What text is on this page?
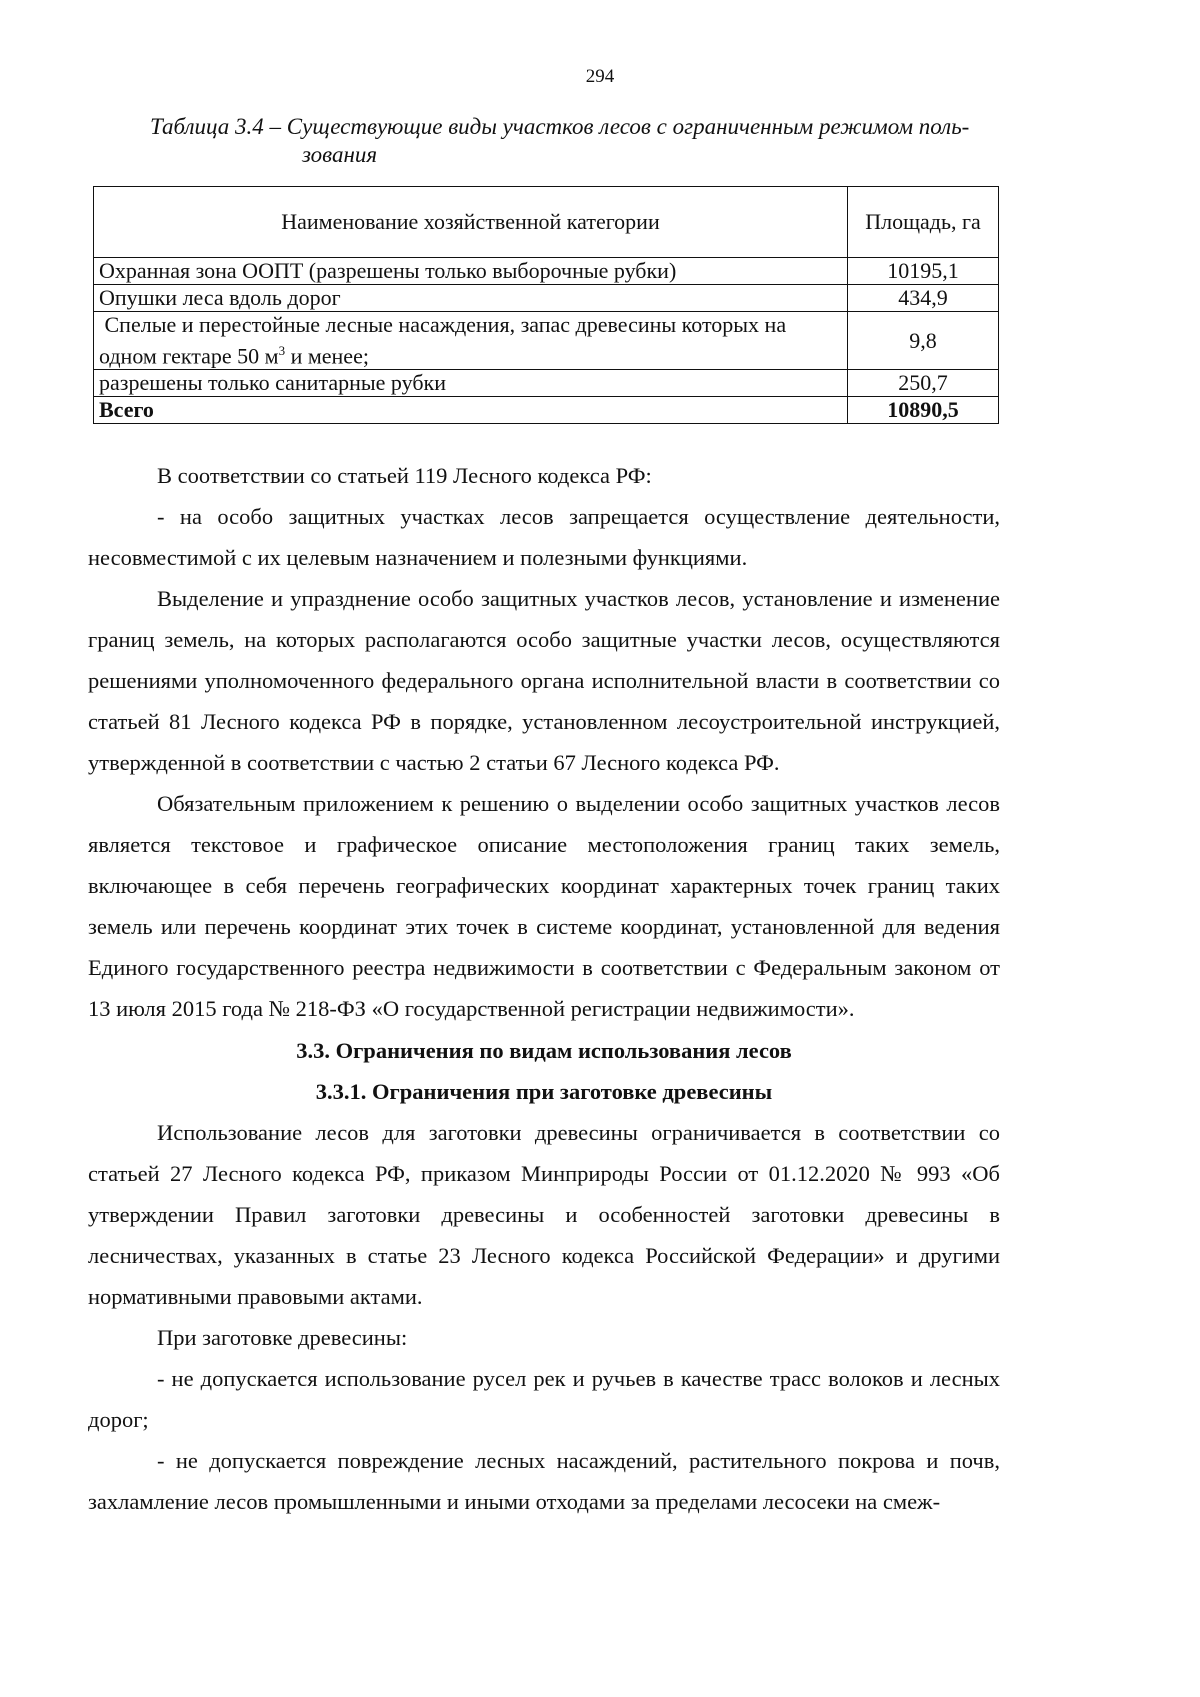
294
Таблица 3.4 – Существующие виды участков лесов с ограниченным режимом поль-
зования
Наименование хозяйственной категории	Площадь, га
Охранная зона ООПТ (разрешены только выборочные рубки)	10195,1
Опушки леса вдоль дорог	434,9
Спелые и перестойные лесные насаждения, запас древесины которых на одном гектаре 50 $м^3$ и менее;	9,8
разрешены только санитарные рубки	250,7
Всего	10890,5

В соответствии со статьей 119 Лесного кодекса РФ:

- на особо защитных участках лесов запрещается осуществление деятельности, несовместимой с их целевым назначением и полезными функциями.

Выделение и упразднение особо защитных участков лесов, установление и изменение границ земель, на которых располагаются особо защитные участки лесов, осуществляются решениями уполномоченного федерального органа исполнительной власти в соответствии со статьей 81 Лесного кодекса РФ в порядке, установленном лесоустроительной инструкцией, утвержденной в соответствии с частью 2 статьи 67 Лесного кодекса РФ.

Обязательным приложением к решению о выделении особо защитных участков лесов является текстовое и графическое описание местоположения границ таких земель, включающее в себя перечень географических координат характерных точек границ таких земель или перечень координат этих точек в системе координат, установленной для ведения Единого государственного реестра недвижимости в соответствии с Федеральным законом от 13 июля 2015 года № 218-ФЗ «О государственной регистрации недвижимости».

3.3. Ограничения по видам использования лесов
3.3.1. Ограничения при заготовке древесины

Использование лесов для заготовки древесины ограничивается в соответствии со статьей 27 Лесного кодекса РФ, приказом Минприроды России от 01.12.2020 № 993 «Об утверждении Правил заготовки древесины и особенностей заготовки древесины в лесничествах, указанных в статье 23 Лесного кодекса Российской Федерации» и другими нормативными правовыми актами.

При заготовке древесины:

- не допускается использование русел рек и ручьев в качестве трасс волоков и лесных дорог;

- не допускается повреждение лесных насаждений, растительного покрова и почв, захламление лесов промышленными и иными отходами за пределами лесосеки на смеж-
